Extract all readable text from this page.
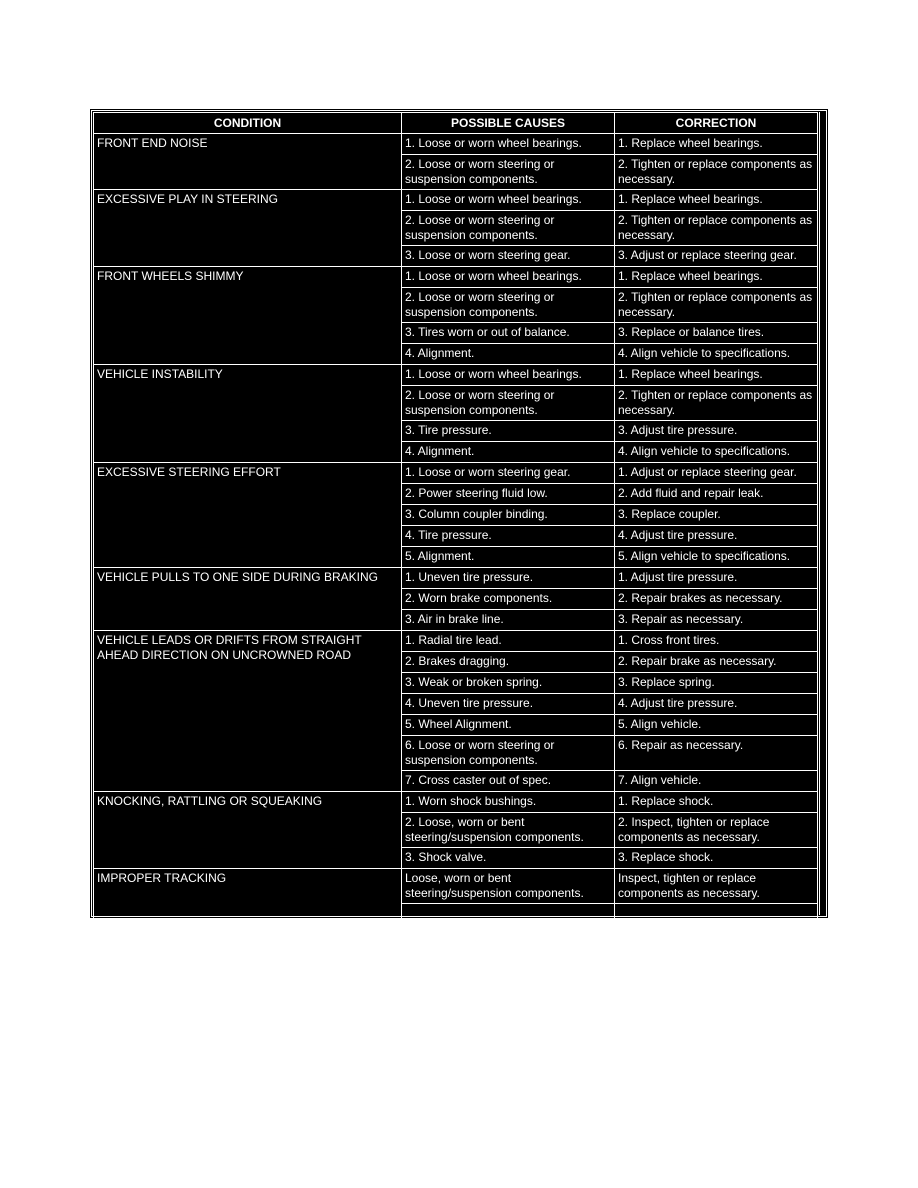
CONDITION	POSSIBLE CAUSES	CORRECTION
FRONT END NOISE	1. Loose or worn wheel bearings.	1. Replace wheel bearings.
	2. Loose or worn steering or suspension components.	2. Tighten or replace components as necessary.
EXCESSIVE PLAY IN STEERING	1. Loose or worn wheel bearings.	1. Replace wheel bearings.
	2. Loose or worn steering or suspension components.	2. Tighten or replace components as necessary.
	3. Loose or worn steering gear.	3. Adjust or replace steering gear.
FRONT WHEELS SHIMMY	1. Loose or worn wheel bearings.	1. Replace wheel bearings.
	2. Loose or worn steering or suspension components.	2. Tighten or replace components as necessary.
	3. Tires worn or out of balance.	3. Replace or balance tires.
	4. Alignment.	4. Align vehicle to specifications.
VEHICLE INSTABILITY	1. Loose or worn wheel bearings.	1. Replace wheel bearings.
	2. Loose or worn steering or suspension components.	2. Tighten or replace components as necessary.
	3. Tire pressure.	3. Adjust tire pressure.
	4. Alignment.	4. Align vehicle to specifications.
EXCESSIVE STEERING EFFORT	1. Loose or worn steering gear.	1. Adjust or replace steering gear.
	2. Power steering fluid low.	2. Add fluid and repair leak.
	3. Column coupler binding.	3. Replace coupler.
	4. Tire pressure.	4. Adjust tire pressure.
	5. Alignment.	5. Align vehicle to specifications.
VEHICLE PULLS TO ONE SIDE DURING BRAKING	1. Uneven tire pressure.	1. Adjust tire pressure.
	2. Worn brake components.	2. Repair brakes as necessary.
	3. Air in brake line.	3. Repair as necessary.
VEHICLE LEADS OR DRIFTS FROM STRAIGHT AHEAD DIRECTION ON UNCROWNED ROAD	1. Radial tire lead.	1. Cross front tires.
	2. Brakes dragging.	2. Repair brake as necessary.
	3. Weak or broken spring.	3. Replace spring.
	4. Uneven tire pressure.	4. Adjust tire pressure.
	5. Wheel Alignment.	5. Align vehicle.
	6. Loose or worn steering or suspension components.	6. Repair as necessary.
	7. Cross caster out of spec.	7. Align vehicle.
KNOCKING, RATTLING OR SQUEAKING	1. Worn shock bushings.	1. Replace shock.
	2. Loose, worn or bent steering/suspension components.	2. Inspect, tighten or replace components as necessary.
	3. Shock valve.	3. Replace shock.
IMPROPER TRACKING	Loose, worn or bent steering/suspension components.	Inspect, tighten or replace components as necessary.
